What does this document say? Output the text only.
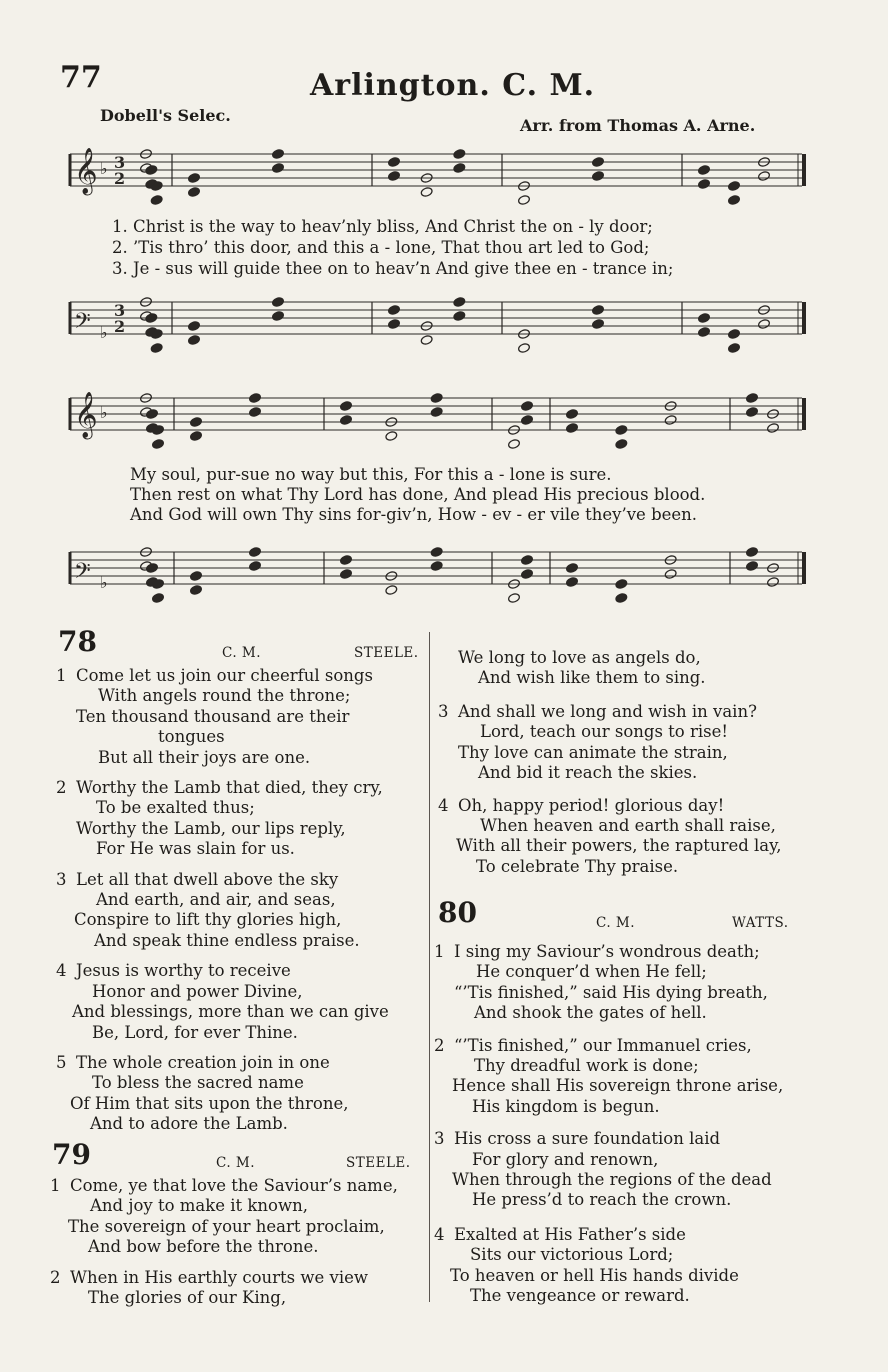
77	Arlington. C. M.
Dobell's Selec.
Arr. from Thomas A. Arne.
𝄞 ♭ 3
2
1. Christ is the way to heav’nly bliss, And Christ the on - ly door;
2. ’Tis thro’ this door, and this a - lone, That thou art led to God;
3. Je - sus will guide thee on to heav’n And give thee en - trance in;
𝄢 ♭
3
2
𝄞 ♭
My soul, pur-sue no way but this, For this a - lone is sure.
Then rest on what Thy Lord has done, And plead His precious blood.
And God will own Thy sins for-giv’n, How - ev - er vile they’ve been.
𝄢 ♭
78	C. M.	STEELE.
1 Come let us join our cheerful songs
With angels round the throne;
Ten thousand thousand are their
tongues
But all their joys are one.
2 Worthy the Lamb that died, they cry,
To be exalted thus;
Worthy the Lamb, our lips reply,
For He was slain for us.
3 Let all that dwell above the sky
And earth, and air, and seas,
Conspire to lift thy glories high,
And speak thine endless praise.
4 Jesus is worthy to receive
Honor and power Divine,
And blessings, more than we can give
Be, Lord, for ever Thine.
5 The whole creation join in one
To bless the sacred name
Of Him that sits upon the throne,
And to adore the Lamb.
79	C. M.	STEELE.
1 Come, ye that love the Saviour’s name,
And joy to make it known,
The sovereign of your heart proclaim,
And bow before the throne.
2 When in His earthly courts we view
The glories of our King,
We long to love as angels do,
And wish like them to sing.
3 And shall we long and wish in vain?
Lord, teach our songs to rise!
Thy love can animate the strain,
And bid it reach the skies.
4 Oh, happy period! glorious day!
When heaven and earth shall raise,
With all their powers, the raptured lay,
To celebrate Thy praise.
80	C. M.	WATTS.
1 I sing my Saviour’s wondrous death;
He conquer’d when He fell;
“’Tis finished,” said His dying breath,
And shook the gates of hell.
2 “’Tis finished,” our Immanuel cries,
Thy dreadful work is done;
Hence shall His sovereign throne arise,
His kingdom is begun.
3 His cross a sure foundation laid
For glory and renown,
When through the regions of the dead
He press’d to reach the crown.
4 Exalted at His Father’s side
Sits our victorious Lord;
To heaven or hell His hands divide
The vengeance or reward.
